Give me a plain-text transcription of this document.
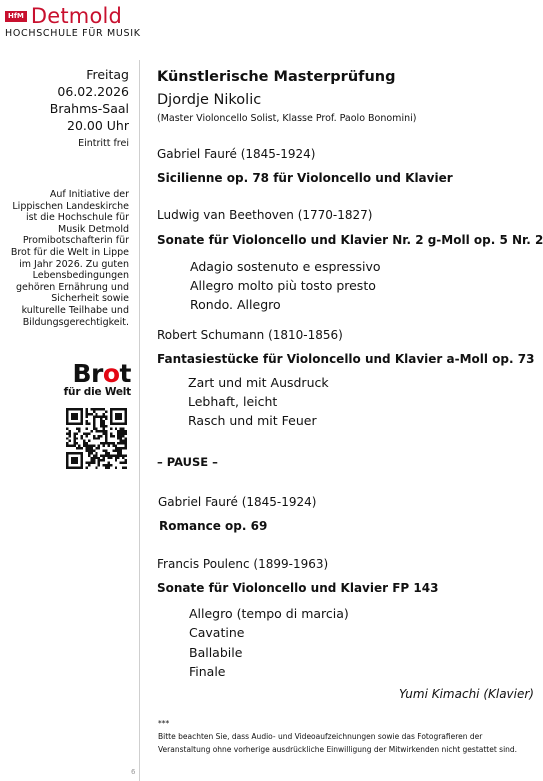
HfM Detmold
HOCHSCHULE FÜR MUSIK
Freitag
06.02.2026
Brahms-Saal
20.00 Uhr
Eintritt frei
Auf Initiative der Lippischen Landeskirche ist die Hochschule für Musik Detmold Promibotschafterin für Brot für die Welt in Lippe im Jahr 2026. Zu guten Lebensbedingungen gehören Ernährung und Sicherheit sowie kulturelle Teilhabe und Bildungsgerechtigkeit.
Brot
für die Welt
6
Künstlerische Masterprüfung
Djordje Nikolic
(Master Violoncello Solist, Klasse Prof. Paolo Bonomini)
Gabriel Fauré (1845-1924)
Sicilienne op. 78 für Violoncello und Klavier
Ludwig van Beethoven (1770-1827)
Sonate für Violoncello und Klavier Nr. 2 g-Moll op. 5 Nr. 2
Adagio sostenuto e espressivo
Allegro molto più tosto presto
Rondo. Allegro
Robert Schumann (1810-1856)
Fantasiestücke für Violoncello und Klavier a-Moll op. 73
Zart und mit Ausdruck
Lebhaft, leicht
Rasch und mit Feuer
– PAUSE –
Gabriel Fauré (1845-1924)
Romance op. 69
Francis Poulenc (1899-1963)
Sonate für Violoncello und Klavier FP 143
Allegro (tempo di marcia)
Cavatine
Ballabile
Finale
Yumi Kimachi (Klavier)
***
Bitte beachten Sie, dass Audio- und Videoaufzeichnungen sowie das Fotografieren der
Veranstaltung ohne vorherige ausdrückliche Einwilligung der Mitwirkenden nicht gestattet sind.
